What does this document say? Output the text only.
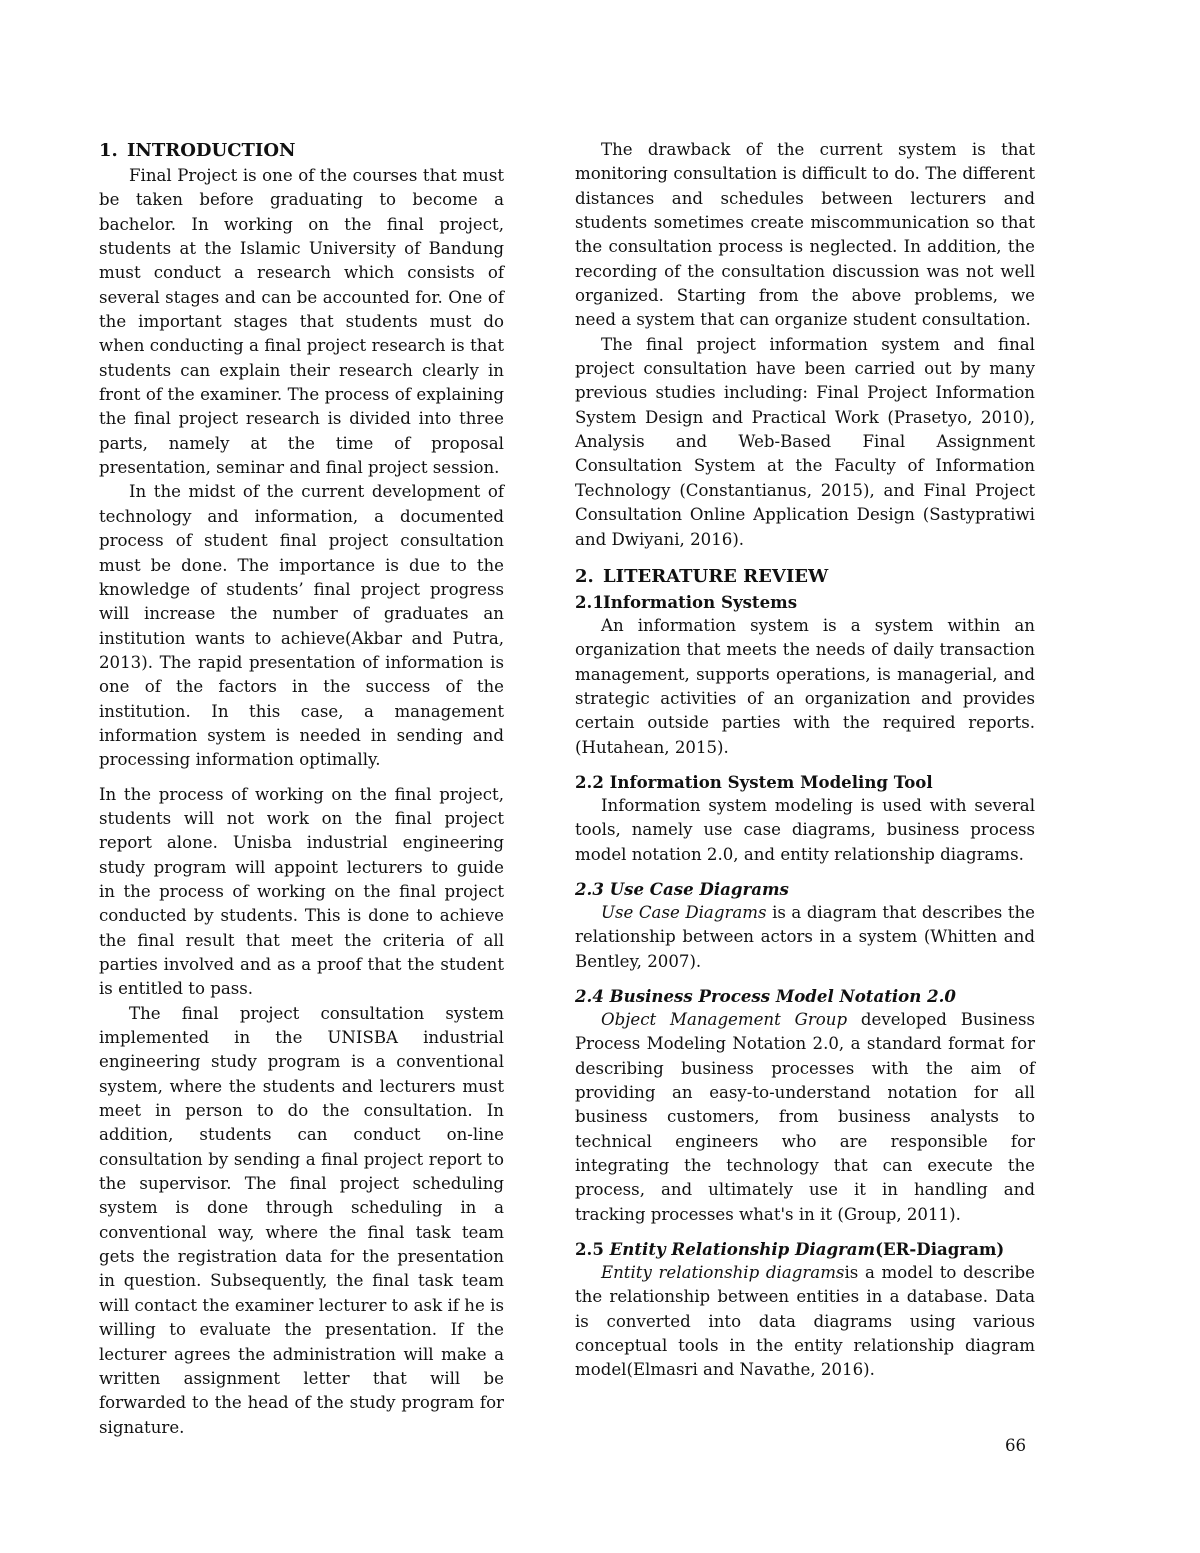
1. INTRODUCTION

Final Project is one of the courses that must be taken before graduating to become a bachelor. In working on the final project, students at the Islamic University of Bandung must conduct a research which consists of several stages and can be accounted for. One of the important stages that students must do when conducting a final project research is that students can explain their research clearly in front of the examiner. The process of explaining the final project research is divided into three parts, namely at the time of proposal presentation, seminar and final project session.

In the midst of the current development of technology and information, a documented process of student final project consultation must be done. The importance is due to the knowledge of students’ final project progress will increase the number of graduates an institution wants to achieve(Akbar and Putra, 2013). The rapid presentation of information is one of the factors in the success of the institution. In this case, a management information system is needed in sending and processing information optimally.

In the process of working on the final project, students will not work on the final project report alone. Unisba industrial engineering study program will appoint lecturers to guide in the process of working on the final project conducted by students. This is done to achieve the final result that meet the criteria of all parties involved and as a proof that the student is entitled to pass.

The final project consultation system implemented in the UNISBA industrial engineering study program is a conventional system, where the students and lecturers must meet in person to do the consultation. In addition, students can conduct on-line consultation by sending a final project report to the supervisor. The final project scheduling system is done through scheduling in a conventional way, where the final task team gets the registration data for the presentation in question. Subsequently, the final task team will contact the examiner lecturer to ask if he is willing to evaluate the presentation. If the lecturer agrees the administration will make a written assignment letter that will be forwarded to the head of the study program for signature.

The drawback of the current system is that monitoring consultation is difficult to do. The different distances and schedules between lecturers and students sometimes create miscommunication so that the consultation process is neglected. In addition, the recording of the consultation discussion was not well organized. Starting from the above problems, we need a system that can organize student consultation.

The final project information system and final project consultation have been carried out by many previous studies including: Final Project Information System Design and Practical Work (Prasetyo, 2010), Analysis and Web-Based Final Assignment Consultation System at the Faculty of Information Technology (Constantianus, 2015), and Final Project Consultation Online Application Design (Sastypratiwi and Dwiyani, 2016).

2. LITERATURE REVIEW
2.1Information Systems

An information system is a system within an organization that meets the needs of daily transaction management, supports operations, is managerial, and strategic activities of an organization and provides certain outside parties with the required reports. (Hutahean, 2015).

2.2 Information System Modeling Tool

Information system modeling is used with several tools, namely use case diagrams, business process model notation 2.0, and entity relationship diagrams.

2.3 Use Case Diagrams

Use Case Diagrams is a diagram that describes the relationship between actors in a system (Whitten and Bentley, 2007).

2.4 Business Process Model Notation 2.0

Object Management Group developed Business Process Modeling Notation 2.0, a standard format for describing business processes with the aim of providing an easy-to-understand notation for all business customers, from business analysts to technical engineers who are responsible for integrating the technology that can execute the process, and ultimately use it in handling and tracking processes what's in it (Group, 2011).

2.5 Entity Relationship Diagram(ER-Diagram)

Entity relationship diagramsis a model to describe the relationship between entities in a database. Data is converted into data diagrams using various conceptual tools in the entity relationship diagram model(Elmasri and Navathe, 2016).

66
